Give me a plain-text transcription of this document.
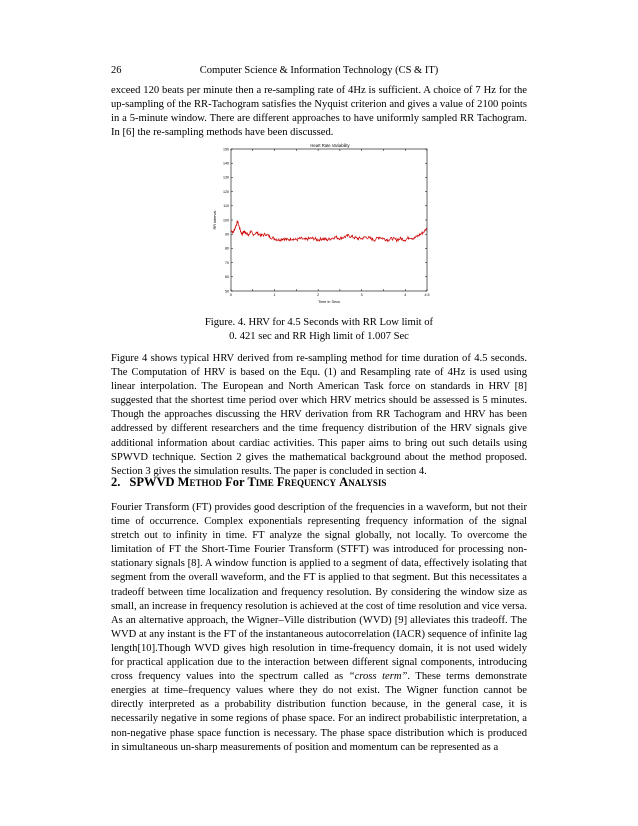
26	Computer Science & Information Technology (CS & IT)

exceed 120 beats per minute then a re-sampling rate of 4Hz is sufficient. A choice of 7 Hz for the up-sampling of the RR-Tachogram satisfies the Nyquist criterion and gives a value of 2100 points in a 5-minute window. There are different approaches to have uniformly sampled RR Tachogram. In [6] the re-sampling methods have been discussed.

Heart Rate Variability
50
60
70
80
90
100
110
120
130
140
150
0	1	2	3	4	4.5
RR interval
Time in Secs

Figure. 4. HRV for 4.5 Seconds with RR Low limit of
0. 421 sec and RR High limit of 1.007 Sec

Figure 4 shows typical HRV derived from re-sampling method for time duration of 4.5 seconds. The Computation of HRV is based on the Equ. (1) and Resampling rate of 4Hz is used using linear interpolation. The European and North American Task force on standards in HRV [8] suggested that the shortest time period over which HRV metrics should be assessed is 5 minutes. Though the approaches discussing the HRV derivation from RR Tachogram and HRV has been addressed by different researchers and the time frequency distribution of the HRV signals give additional information about cardiac activities. This paper aims to bring out such details using SPWVD technique. Section 2 gives the mathematical background about the method proposed. Section 3 gives the simulation results. The paper is concluded in section 4.

2. SPWVD Method For Time Frequency Analysis

Fourier Transform (FT) provides good description of the frequencies in a waveform, but not their time of occurrence. Complex exponentials representing frequency information of the signal stretch out to infinity in time. FT analyze the signal globally, not locally. To overcome the limitation of FT the Short-Time Fourier Transform (STFT) was introduced for processing non-stationary signals [8]. A window function is applied to a segment of data, effectively isolating that segment from the overall waveform, and the FT is applied to that segment. But this necessitates a tradeoff between time localization and frequency resolution. By considering the window size as small, an increase in frequency resolution is achieved at the cost of time resolution and vice versa. As an alternative approach, the Wigner–Ville distribution (WVD) [9] alleviates this tradeoff. The WVD at any instant is the FT of the instantaneous autocorrelation (IACR) sequence of infinite lag length[10].Though WVD gives high resolution in time-frequency domain, it is not used widely for practical application due to the interaction between different signal components, introducing cross frequency values into the spectrum called as “cross term”. These terms demonstrate energies at time–frequency values where they do not exist. The Wigner function cannot be directly interpreted as a probability distribution function because, in the general case, it is necessarily negative in some regions of phase space. For an indirect probabilistic interpretation, a non-negative phase space function is necessary. The phase space distribution which is produced in simultaneous un-sharp measurements of position and momentum can be represented as a
